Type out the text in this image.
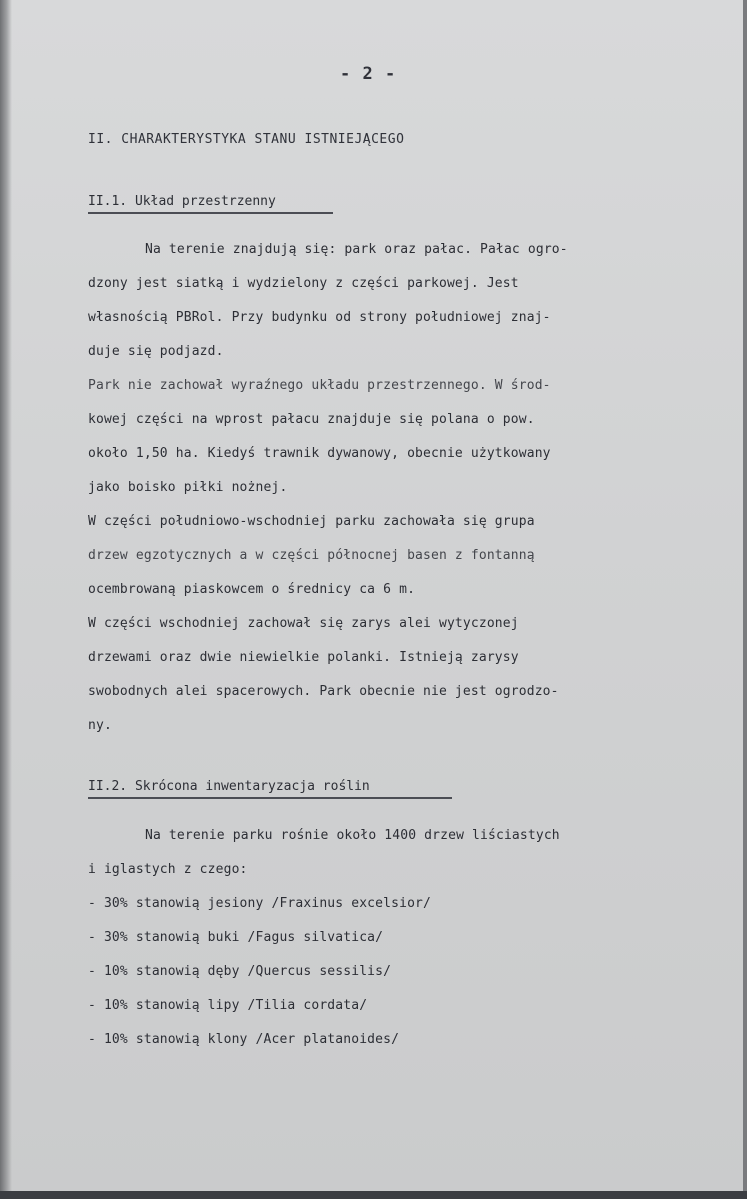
- 2 -
II. CHARAKTERYSTYKA STANU ISTNIEJĄCEGO
II.1. Układ przestrzenny
Na terenie znajdują się: park oraz pałac. Pałac ogro-
dzony jest siatką i wydzielony z części parkowej. Jest
własnością PBRol. Przy budynku od strony południowej znaj-
duje się podjazd.
Park nie zachował wyraźnego układu przestrzennego. W środ-
kowej części na wprost pałacu znajduje się polana o pow.
około 1,50 ha. Kiedyś trawnik dywanowy, obecnie użytkowany
jako boisko piłki nożnej.
W części południowo-wschodniej parku zachowała się grupa
drzew egzotycznych a w części północnej basen z fontanną
ocembrowaną piaskowcem o średnicy ca 6 m.
W części wschodniej zachował się zarys alei wytyczonej
drzewami oraz dwie niewielkie polanki. Istnieją zarysy
swobodnych alei spacerowych. Park obecnie nie jest ogrodzo-
ny.
II.2. Skrócona inwentaryzacja roślin
Na terenie parku rośnie około 1400 drzew liściastych
i iglastych z czego:
- 30% stanowią jesiony /Fraxinus excelsior/
- 30% stanowią buki /Fagus silvatica/
- 10% stanowią dęby /Quercus sessilis/
- 10% stanowią lipy /Tilia cordata/
- 10% stanowią klony /Acer platanoides/
